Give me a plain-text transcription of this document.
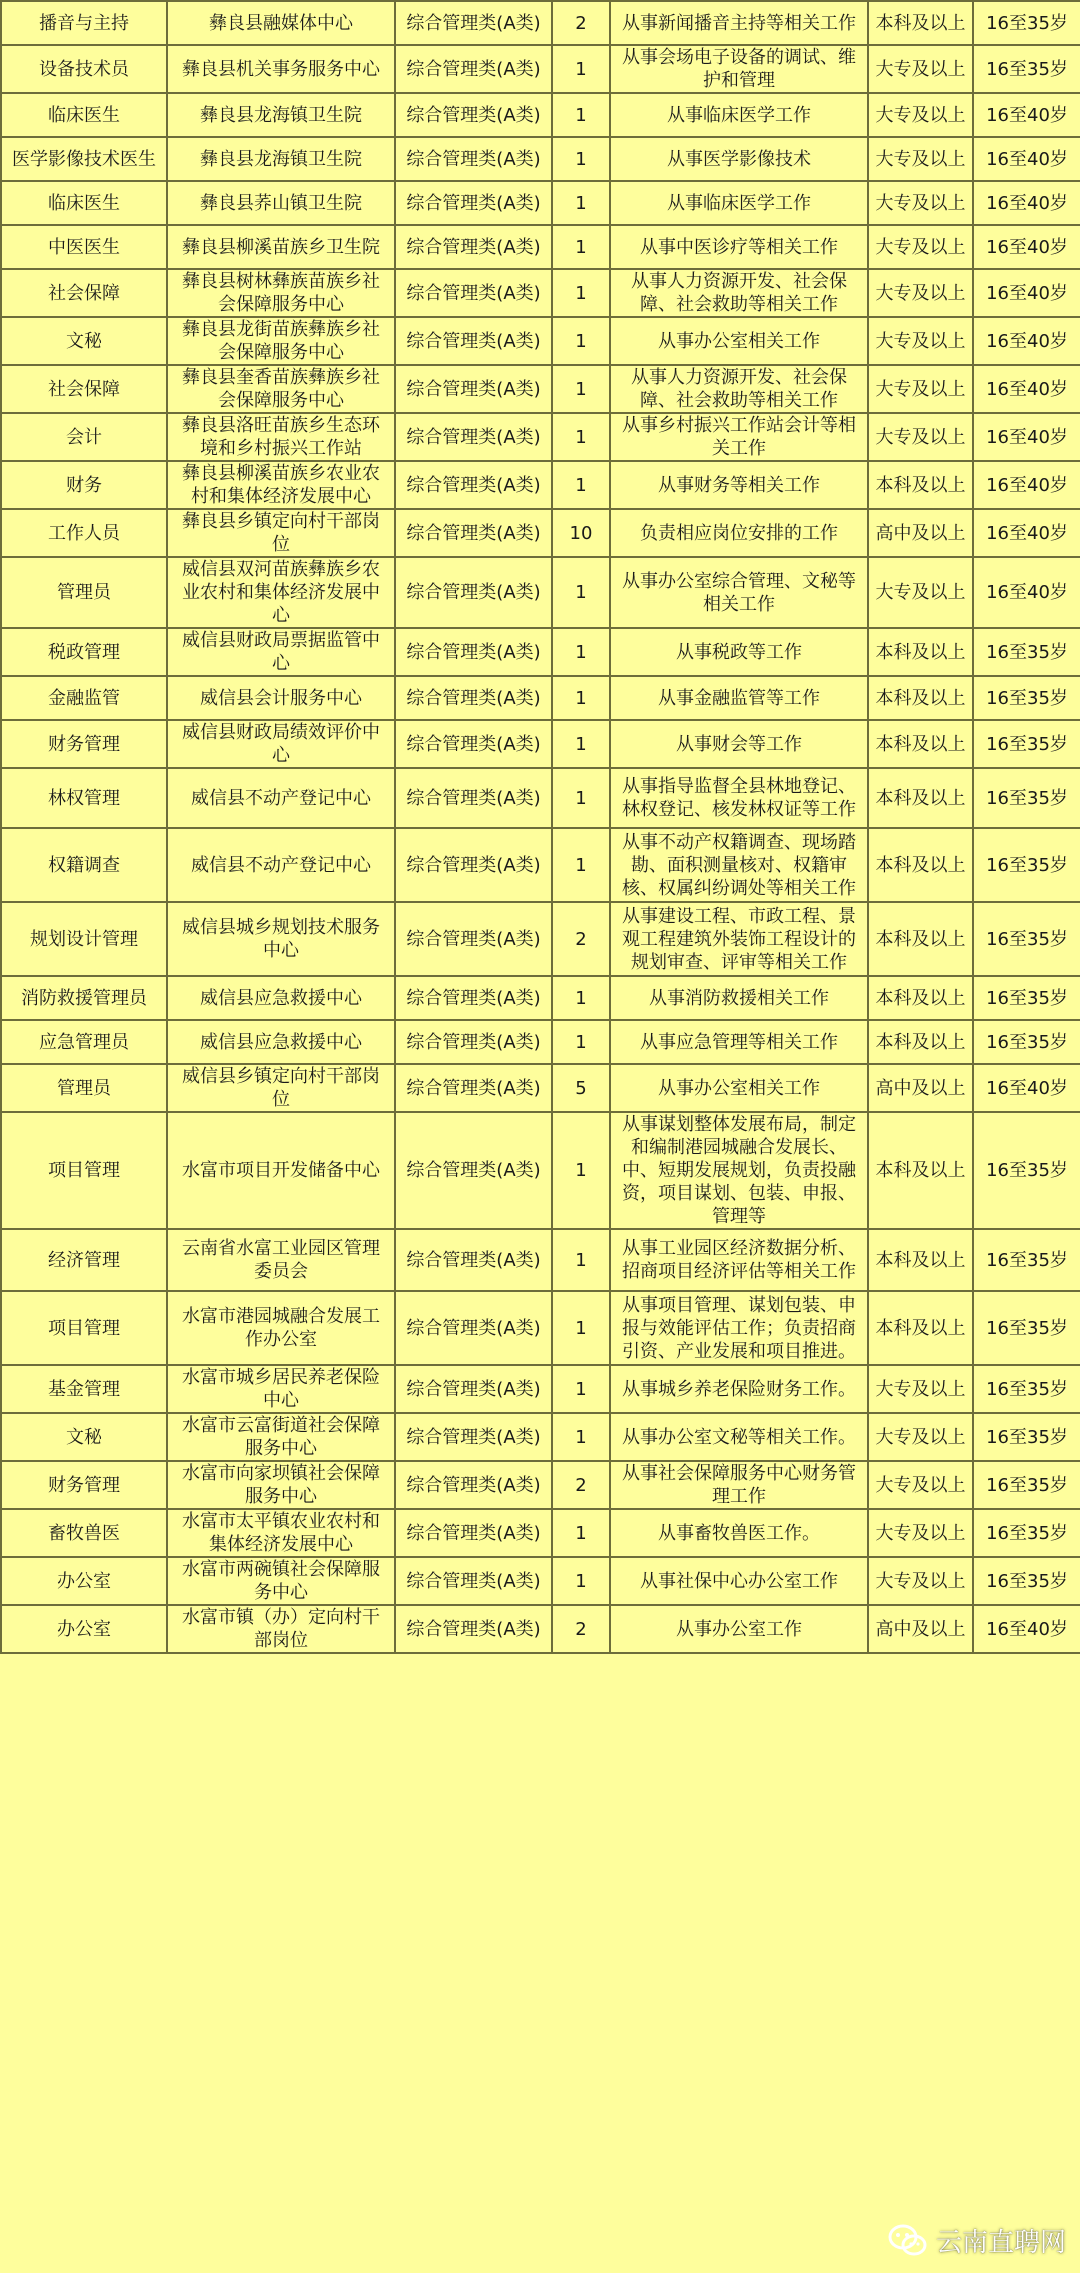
播音与主持	彝良县融媒体中心	综合管理类(A类)	2	从事新闻播音主持等相关工作	本科及以上	16至35岁
设备技术员	彝良县机关事务服务中心	综合管理类(A类)	1	从事会场电子设备的调试、维护和管理	大专及以上	16至35岁
临床医生	彝良县龙海镇卫生院	综合管理类(A类)	1	从事临床医学工作	大专及以上	16至40岁
医学影像技术医生	彝良县龙海镇卫生院	综合管理类(A类)	1	从事医学影像技术	大专及以上	16至40岁
临床医生	彝良县荞山镇卫生院	综合管理类(A类)	1	从事临床医学工作	大专及以上	16至40岁
中医医生	彝良县柳溪苗族乡卫生院	综合管理类(A类)	1	从事中医诊疗等相关工作	大专及以上	16至40岁
社会保障	彝良县树林彝族苗族乡社会保障服务中心	综合管理类(A类)	1	从事人力资源开发、社会保障、社会救助等相关工作	大专及以上	16至40岁
文秘	彝良县龙街苗族彝族乡社会保障服务中心	综合管理类(A类)	1	从事办公室相关工作	大专及以上	16至40岁
社会保障	彝良县奎香苗族彝族乡社会保障服务中心	综合管理类(A类)	1	从事人力资源开发、社会保障、社会救助等相关工作	大专及以上	16至40岁
会计	彝良县洛旺苗族乡生态环境和乡村振兴工作站	综合管理类(A类)	1	从事乡村振兴工作站会计等相关工作	大专及以上	16至40岁
财务	彝良县柳溪苗族乡农业农村和集体经济发展中心	综合管理类(A类)	1	从事财务等相关工作	本科及以上	16至40岁
工作人员	彝良县乡镇定向村干部岗位	综合管理类(A类)	10	负责相应岗位安排的工作	高中及以上	16至40岁
管理员	威信县双河苗族彝族乡农业农村和集体经济发展中心	综合管理类(A类)	1	从事办公室综合管理、文秘等相关工作	大专及以上	16至40岁
税政管理	威信县财政局票据监管中心	综合管理类(A类)	1	从事税政等工作	本科及以上	16至35岁
金融监管	威信县会计服务中心	综合管理类(A类)	1	从事金融监管等工作	本科及以上	16至35岁
财务管理	威信县财政局绩效评价中心	综合管理类(A类)	1	从事财会等工作	本科及以上	16至35岁
林权管理	威信县不动产登记中心	综合管理类(A类)	1	从事指导监督全县林地登记、林权登记、核发林权证等工作	本科及以上	16至35岁
权籍调查	威信县不动产登记中心	综合管理类(A类)	1	从事不动产权籍调查、现场踏勘、面积测量核对、权籍审核、权属纠纷调处等相关工作	本科及以上	16至35岁
规划设计管理	威信县城乡规划技术服务中心	综合管理类(A类)	2	从事建设工程、市政工程、景观工程建筑外装饰工程设计的规划审查、评审等相关工作	本科及以上	16至35岁
消防救援管理员	威信县应急救援中心	综合管理类(A类)	1	从事消防救援相关工作	本科及以上	16至35岁
应急管理员	威信县应急救援中心	综合管理类(A类)	1	从事应急管理等相关工作	本科及以上	16至35岁
管理员	威信县乡镇定向村干部岗位	综合管理类(A类)	5	从事办公室相关工作	高中及以上	16至40岁
项目管理	水富市项目开发储备中心	综合管理类(A类)	1	从事谋划整体发展布局，制定和编制港园城融合发展长、中、短期发展规划，负责投融资，项目谋划、包装、申报、管理等	本科及以上	16至35岁
经济管理	云南省水富工业园区管理委员会	综合管理类(A类)	1	从事工业园区经济数据分析、招商项目经济评估等相关工作	本科及以上	16至35岁
项目管理	水富市港园城融合发展工作办公室	综合管理类(A类)	1	从事项目管理、谋划包装、申报与效能评估工作；负责招商引资、产业发展和项目推进。	本科及以上	16至35岁
基金管理	水富市城乡居民养老保险中心	综合管理类(A类)	1	从事城乡养老保险财务工作。	大专及以上	16至35岁
文秘	水富市云富街道社会保障服务中心	综合管理类(A类)	1	从事办公室文秘等相关工作。	大专及以上	16至35岁
财务管理	水富市向家坝镇社会保障服务中心	综合管理类(A类)	2	从事社会保障服务中心财务管理工作	大专及以上	16至35岁
畜牧兽医	水富市太平镇农业农村和集体经济发展中心	综合管理类(A类)	1	从事畜牧兽医工作。	大专及以上	16至35岁
办公室	水富市两碗镇社会保障服务中心	综合管理类(A类)	1	从事社保中心办公室工作	大专及以上	16至35岁
办公室	水富市镇（办）定向村干部岗位	综合管理类(A类)	2	从事办公室工作	高中及以上	16至40岁
云南直聘网
